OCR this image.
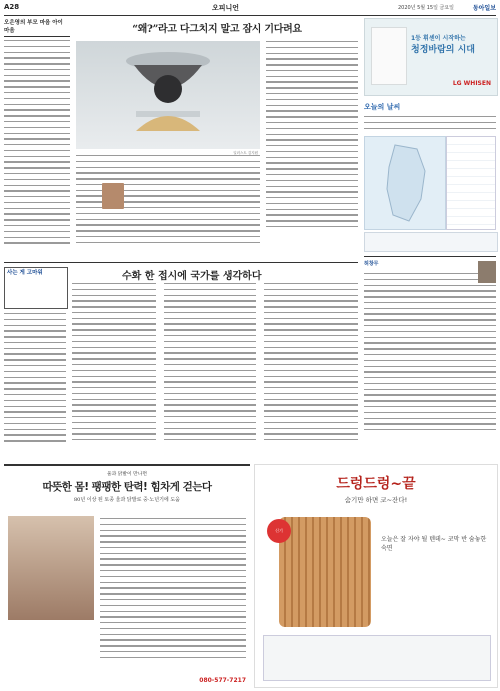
A28	오피니언	2020년 5월 15일 금요일	동아일보
오은영의 부모 마음 아이 마음	“왜?”라고 다그치지 말고 잠시 기다려요
일러스트 김지원
1등 휘센이 시작하는
청정바람의 시대
LG WHISEN
오늘의 날씨
허창무
사는 게 고마워	수화 한 접시에 국가를 생각하다
울과 닭발이 만나면
따뜻한 몸! 팽팽한 탄력! 힘차게 걷는다
80년 이상 된 토종 울과 닭발로 중·노년기에 도움
080-577-7217
드렁드렁~끝
숨기만 하면 코~잔다!
신기
오늘은 잘 자야 될 텐데~ 코막 반 숨놓한 숙면
